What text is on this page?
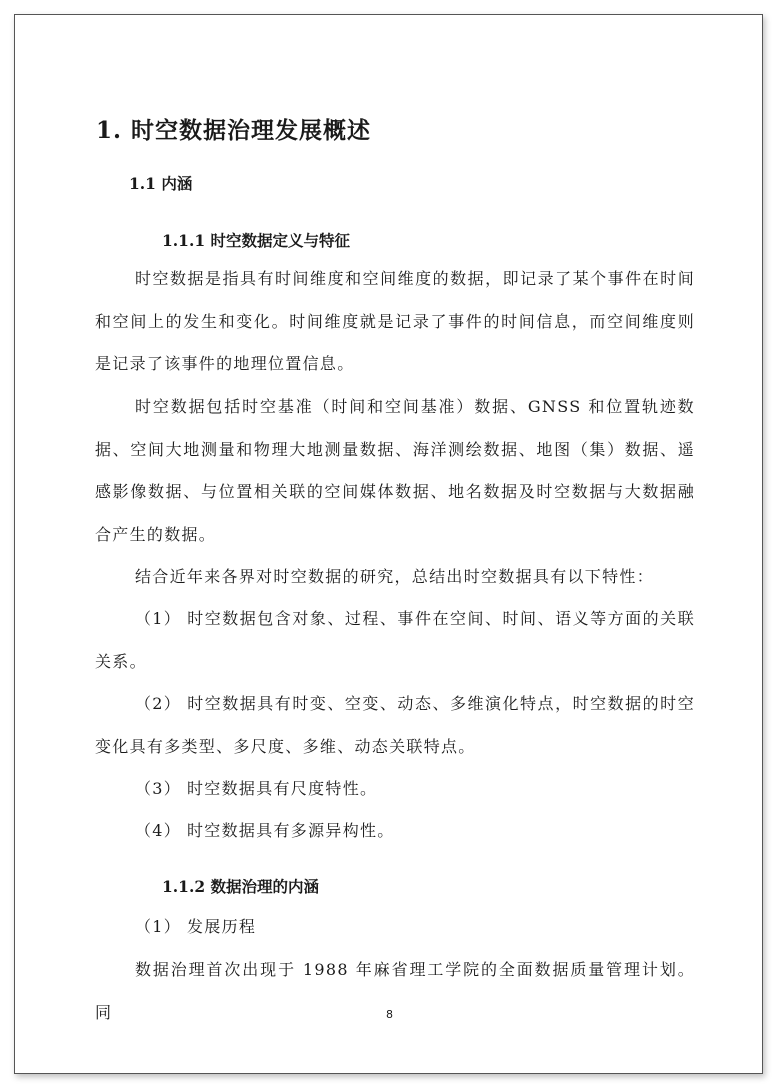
1. 时空数据治理发展概述
1.1 内涵
1.1.1 时空数据定义与特征
时空数据是指具有时间维度和空间维度的数据，即记录了某个事件在时间和空间上的发生和变化。时间维度就是记录了事件的时间信息，而空间维度则是记录了该事件的地理位置信息。
时空数据包括时空基准（时间和空间基准）数据、GNSS 和位置轨迹数据、空间大地测量和物理大地测量数据、海洋测绘数据、地图（集）数据、遥感影像数据、与位置相关联的空间媒体数据、地名数据及时空数据与大数据融合产生的数据。
结合近年来各界对时空数据的研究，总结出时空数据具有以下特性：
（1） 时空数据包含对象、过程、事件在空间、时间、语义等方面的关联关系。
（2） 时空数据具有时变、空变、动态、多维演化特点，时空数据的时空变化具有多类型、多尺度、多维、动态关联特点。
（3） 时空数据具有尺度特性。
（4） 时空数据具有多源异构性。
1.1.2 数据治理的内涵
（1） 发展历程
数据治理首次出现于 1988 年麻省理工学院的全面数据质量管理计划。同	8
